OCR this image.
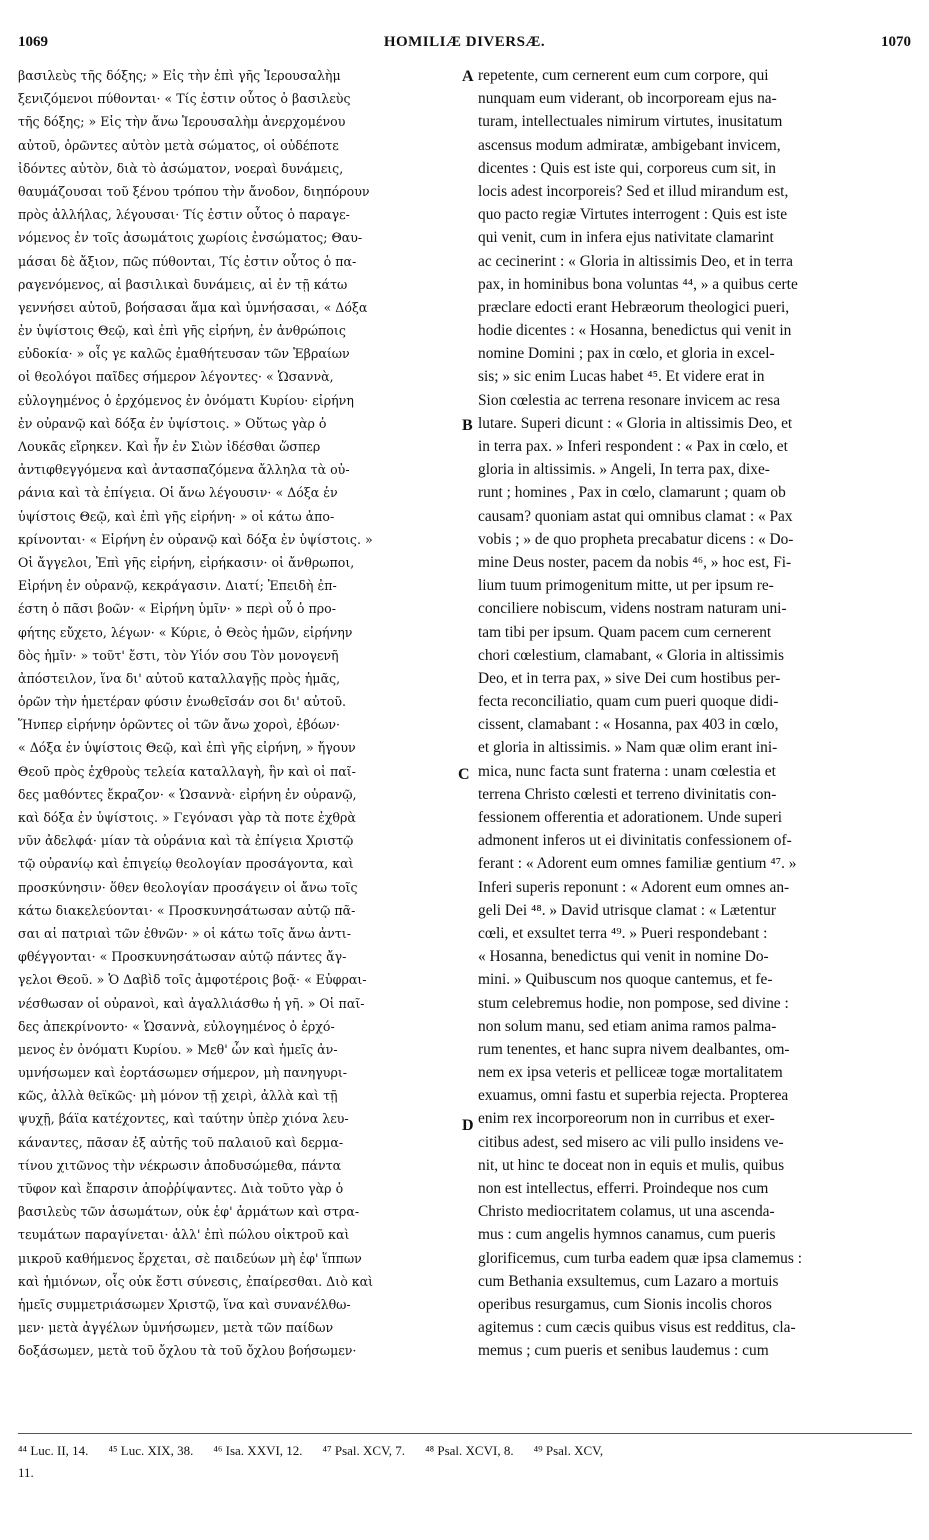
1069	HOMILIÆ DIVERSÆ.	1070
βασιλεὺς τῆς δόξης; » Εἰς τὴν ἐπὶ γῆς Ἱερουσαλὴμ
ξενιζόμενοι πύθονται· « Τίς ἐστιν οὗτος ὁ βασιλεὺς
τῆς δόξης; » Εἰς τὴν ἄνω Ἱερουσαλὴμ ἀνερχομένου
αὐτοῦ, ὁρῶντες αὐτὸν μετὰ σώματος, οἱ οὐδέποτε
ἰδόντες αὐτὸν, διὰ τὸ ἀσώματον, νοεραὶ δυνάμεις,
θαυμάζουσαι τοῦ ξένου τρόπου τὴν ἄνοδον, διηπόρουν
πρὸς ἀλλήλας, λέγουσαι· Τίς ἐστιν οὗτος ὁ παραγε-
νόμενος ἐν τοῖς ἀσωμάτοις χωρίοις ἐνσώματος; Θαυ-
μάσαι δὲ ἄξιον, πῶς πύθονται, Τίς ἐστιν οὗτος ὁ πα-
ραγενόμενος, αἱ βασιλικαὶ δυνάμεις, αἱ ἐν τῇ κάτω
γεννήσει αὐτοῦ, βοήσασαι ἅμα καὶ ὑμνήσασαι, « Δόξα
ἐν ὑψίστοις Θεῷ, καὶ ἐπὶ γῆς εἰρήνη, ἐν ἀνθρώποις
εὐδοκία· » οἷς γε καλῶς ἐμαθήτευσαν τῶν Ἑβραίων
οἱ θεολόγοι παῖδες σήμερον λέγοντες· « Ὡσαννὰ,
εὐλογημένος ὁ ἐρχόμενος ἐν ὀνόματι Κυρίου· εἰρήνη
ἐν οὐρανῷ καὶ δόξα ἐν ὑψίστοις. » Οὕτως γὰρ ὁ
Λουκᾶς εἴρηκεν. Καὶ ἦν ἐν Σιὼν ἰδέσθαι ὥσπερ
ἀντιφθεγγόμενα καὶ ἀντασπαζόμενα ἄλληλα τὰ οὐ-
ράνια καὶ τὰ ἐπίγεια. Οἱ ἄνω λέγουσιν· « Δόξα ἐν
ὑψίστοις Θεῷ, καὶ ἐπὶ γῆς εἰρήνη· » οἱ κάτω ἀπο-
κρίνονται· « Εἰρήνη ἐν οὐρανῷ καὶ δόξα ἐν ὑψίστοις. »
Οἱ ἄγγελοι, Ἐπὶ γῆς εἰρήνη, εἰρήκασιν· οἱ ἄνθρωποι,
Εἰρήνη ἐν οὐρανῷ, κεκράγασιν. Διατί; Ἐπειδὴ ἐπ-
έστη ὁ πᾶσι βοῶν· « Εἰρήνη ὑμῖν· » περὶ οὗ ὁ προ-
φήτης εὔχετο, λέγων· « Κύριε, ὁ Θεὸς ἡμῶν, εἰρήνην
δὸς ἡμῖν· » τοῦτ' ἔστι, τὸν Υἱόν σου Τὸν μονογενῆ
ἀπόστειλον, ἵνα δι' αὐτοῦ καταλλαγῇς πρὸς ἡμᾶς,
ὁρῶν τὴν ἡμετέραν φύσιν ἑνωθεῖσάν σοι δι' αὐτοῦ.
Ἥνπερ εἰρήνην ὁρῶντες οἱ τῶν ἄνω χοροὶ, ἐβόων·
« Δόξα ἐν ὑψίστοις Θεῷ, καὶ ἐπὶ γῆς εἰρήνη, » ἤγουν
Θεοῦ πρὸς ἐχθροὺς τελεία καταλλαγὴ, ἣν καὶ οἱ παῖ-
δες μαθόντες ἔκραζον· « Ὡσαννὰ· εἰρήνη ἐν οὐρανῷ,
καὶ δόξα ἐν ὑψίστοις. » Γεγόνασι γὰρ τὰ ποτε ἐχθρὰ
νῦν ἀδελφά· μίαν τὰ οὐράνια καὶ τὰ ἐπίγεια Χριστῷ
τῷ οὐρανίῳ καὶ ἐπιγείῳ θεολογίαν προσάγοντα, καὶ
προσκύνησιν· ὅθεν θεολογίαν προσάγειν οἱ ἄνω τοῖς
κάτω διακελεύονται· « Προσκυνησάτωσαν αὐτῷ πᾶ-
σαι αἱ πατριαὶ τῶν ἐθνῶν· » οἱ κάτω τοῖς ἄνω ἀντι-
φθέγγονται· « Προσκυνησάτωσαν αὐτῷ πάντες ἄγ-
γελοι Θεοῦ. » Ὁ Δαβὶδ τοῖς ἀμφοτέροις βοᾷ· « Εὐφραι-
νέσθωσαν οἱ οὐρανοὶ, καὶ ἀγαλλιάσθω ἡ γῆ. » Οἱ παῖ-
δες ἀπεκρίνοντο· « Ὡσαννὰ, εὐλογημένος ὁ ἐρχό-
μενος ἐν ὀνόματι Κυρίου. » Μεθ' ὧν καὶ ἡμεῖς ἀν-
υμνήσωμεν καὶ ἑορτάσωμεν σήμερον, μὴ πανηγυρι-
κῶς, ἀλλὰ θεϊκῶς· μὴ μόνον τῇ χειρὶ, ἀλλὰ καὶ τῇ
ψυχῇ, βάϊα κατέχοντες, καὶ ταύτην ὑπὲρ χιόνα λευ-
κάναντες, πᾶσαν ἐξ αὐτῆς τοῦ παλαιοῦ καὶ δερμα-
τίνου χιτῶνος τὴν νέκρωσιν ἀποδυσώμεθα, πάντα
τῦφον καὶ ἔπαρσιν ἀποῤῥίψαντες. Διὰ τοῦτο γὰρ ὁ
βασιλεὺς τῶν ἀσωμάτων, οὐκ ἐφ' ἁρμάτων καὶ στρα-
τευμάτων παραγίνεται· ἀλλ' ἐπὶ πώλου οἰκτροῦ καὶ
μικροῦ καθήμενος ἔρχεται, σὲ παιδεύων μὴ ἐφ' ἵππων
καὶ ἡμιόνων, οἷς οὐκ ἔστι σύνεσις, ἐπαίρεσθαι. Διὸ καὶ
ἡμεῖς συμμετριάσωμεν Χριστῷ, ἵνα καὶ συνανέλθω-
μεν· μετὰ ἀγγέλων ὑμνήσωμεν, μετὰ τῶν παίδων
δοξάσωμεν, μετὰ τοῦ ὄχλου τὰ τοῦ ὄχλου βοήσωμεν·
repetente, cum cernerent eum cum corpore, qui
nunquam eum viderant, ob incorpoream ejus na-
turam, intellectuales nimirum virtutes, inusitatum
ascensus modum admiratæ, ambigebant invicem,
dicentes : Quis est iste qui, corporeus cum sit, in
locis adest incorporeis? Sed et illud mirandum est,
quo pacto regiæ Virtutes interrogent : Quis est iste
qui venit, cum in infera ejus nativitate clamarint
ac cecinerint : « Gloria in altissimis Deo, et in terra
pax, in hominibus bona voluntas ⁴⁴, » a quibus certe
præclare edocti erant Hebræorum theologici pueri,
hodie dicentes : « Hosanna, benedictus qui venit in
nomine Domini ; pax in cœlo, et gloria in excel-
sis; » sic enim Lucas habet ⁴⁵. Et videre erat in
Sion cœlestia ac terrena resonare invicem ac resa
lutare. Superi dicunt : « Gloria in altissimis Deo, et
in terra pax. » Inferi respondent : « Pax in cœlo, et
gloria in altissimis. » Angeli, In terra pax, dixe-
runt ; homines , Pax in cœlo, clamarunt ; quam ob
causam? quoniam astat qui omnibus clamat : « Pax
vobis ; » de quo propheta precabatur dicens : « Do-
mine Deus noster, pacem da nobis ⁴⁶, » hoc est, Fi-
lium tuum primogenitum mitte, ut per ipsum re-
conciliere nobiscum, videns nostram naturam uni-
tam tibi per ipsum. Quam pacem cum cernerent
chori cœlestium, clamabant, « Gloria in altissimis
Deo, et in terra pax, » sive Dei cum hostibus per-
fecta reconciliatio, quam cum pueri quoque didi-
cissent, clamabant : « Hosanna, pax 403 in cœlo,
et gloria in altissimis. » Nam quæ olim erant ini-
mica, nunc facta sunt fraterna : unam cœlestia et
terrena Christo cœlesti et terreno divinitatis con-
fessionem offerentia et adorationem. Unde superi
admonent inferos ut ei divinitatis confessionem of-
ferant : « Adorent eum omnes familiæ gentium ⁴⁷. »
Inferi superis reponunt : « Adorent eum omnes an-
geli Dei ⁴⁸. » David utrisque clamat : « Lætentur
cœli, et exsultet terra ⁴⁹. » Pueri respondebant :
« Hosanna, benedictus qui venit in nomine Do-
mini. » Quibuscum nos quoque cantemus, et fe-
stum celebremus hodie, non pompose, sed divine :
non solum manu, sed etiam anima ramos palma-
rum tenentes, et hanc supra nivem dealbantes, om-
nem ex ipsa veteris et pelliceæ togæ mortalitatem
exuamus, omni fastu et superbia rejecta. Propterea
enim rex incorporeorum non in curribus et exer-
citibus adest, sed misero ac vili pullo insidens ve-
nit, ut hinc te doceat non in equis et mulis, quibus
non est intellectus, efferri. Proindeque nos cum
Christo mediocritatem colamus, ut una ascenda-
mus : cum angelis hymnos canamus, cum pueris
glorificemus, cum turba eadem quæ ipsa clamemus :
cum Bethania exsultemus, cum Lazaro a mortuis
operibus resurgamus, cum Sionis incolis choros
agitemus : cum cæcis quibus visus est redditus, cla-
memus ; cum pueris et senibus laudemus : cum
A
B
C
D
⁴⁴ Luc. II, 14. ⁴⁵ Luc. XIX, 38. ⁴⁶ Isa. XXVI, 12. ⁴⁷ Psal. XCV, 7. ⁴⁸ Psal. XCVI, 8. ⁴⁹ Psal. XCV,
11.
